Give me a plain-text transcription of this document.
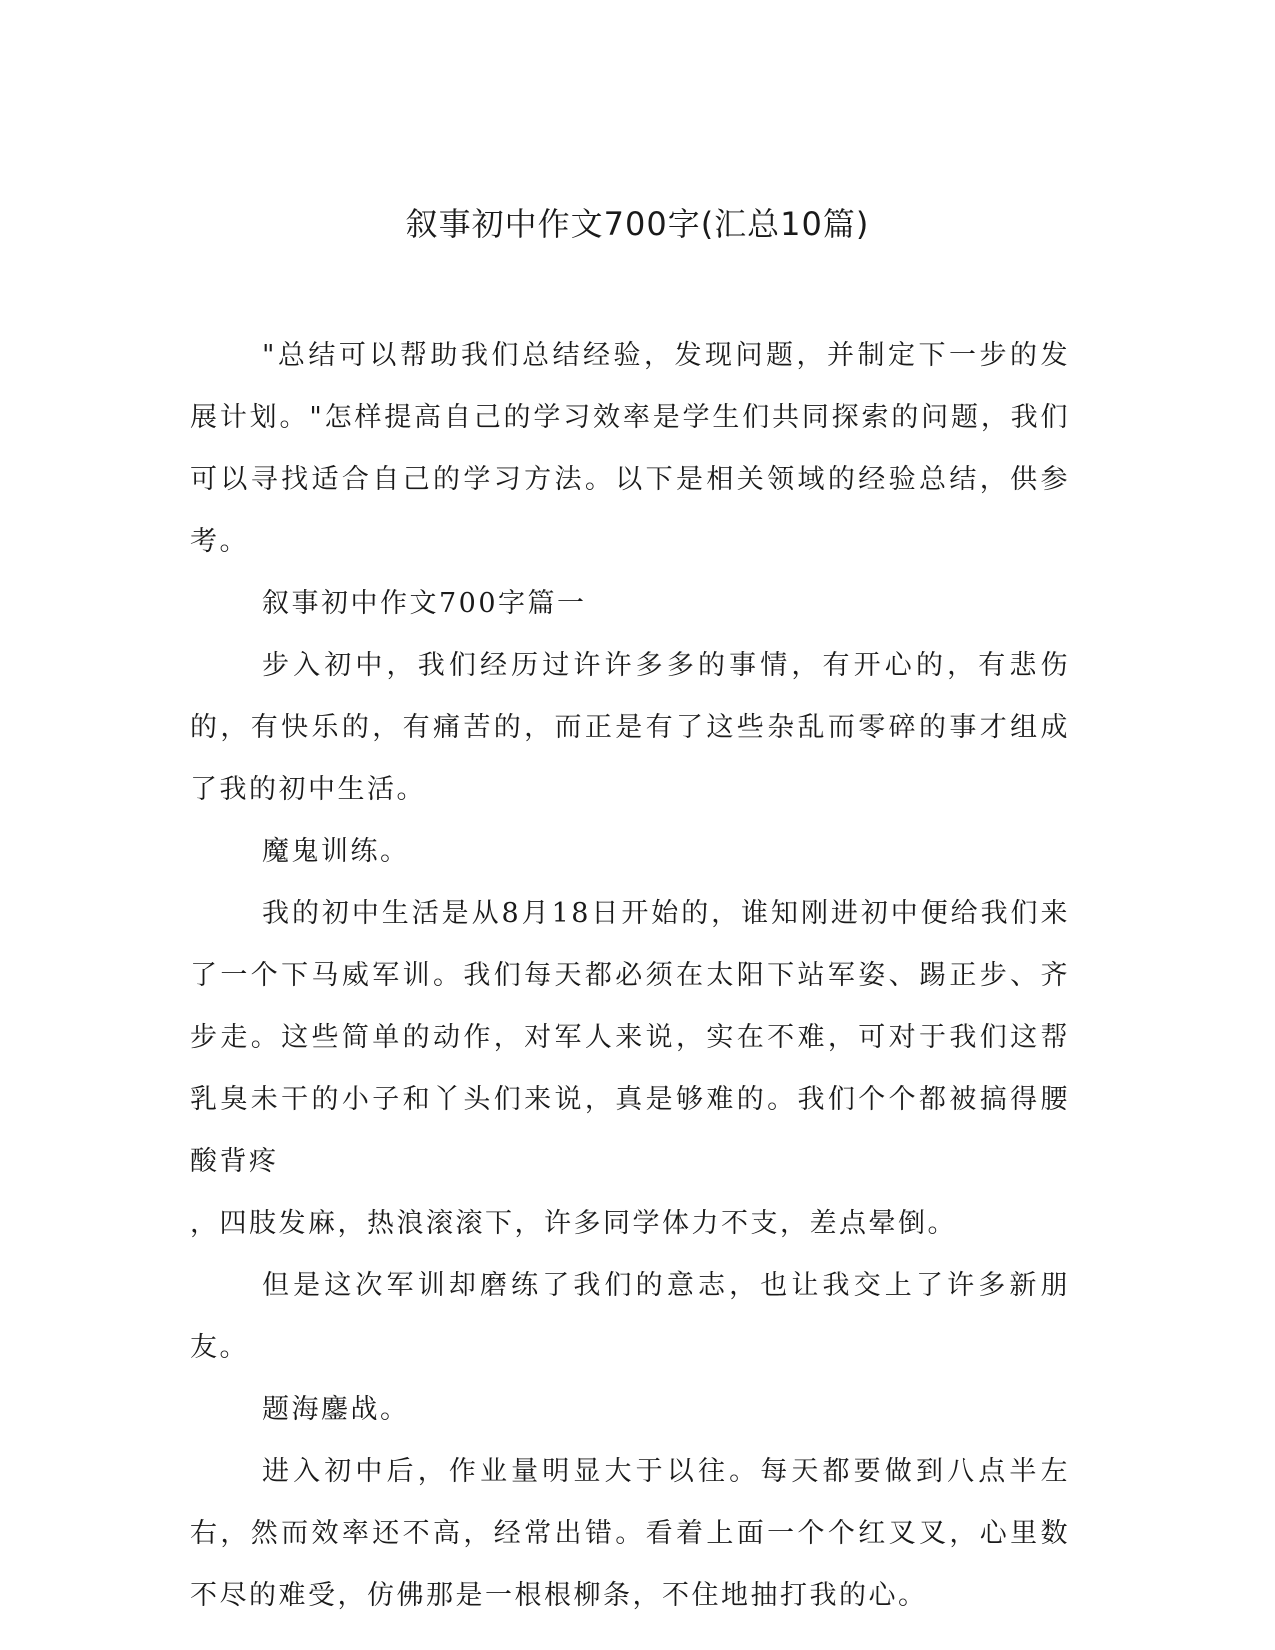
叙事初中作文700字(汇总10篇)

"总结可以帮助我们总结经验，发现问题，并制定下一步的发展计划。"怎样提高自己的学习效率是学生们共同探索的问题，我们可以寻找适合自己的学习方法。以下是相关领域的经验总结，供参考。

叙事初中作文700字篇一

步入初中，我们经历过许许多多的事情，有开心的，有悲伤的，有快乐的，有痛苦的，而正是有了这些杂乱而零碎的事才组成了我的初中生活。

魔鬼训练。

我的初中生活是从8月18日开始的，谁知刚进初中便给我们来了一个下马威军训。我们每天都必须在太阳下站军姿、踢正步、齐步走。这些简单的动作，对军人来说，实在不难，可对于我们这帮乳臭未干的小子和丫头们来说，真是够难的。我们个个都被搞得腰酸背疼

，四肢发麻，热浪滚滚下，许多同学体力不支，差点晕倒。

但是这次军训却磨练了我们的意志，也让我交上了许多新朋友。

题海鏖战。

进入初中后，作业量明显大于以往。每天都要做到八点半左右，然而效率还不高，经常出错。看着上面一个个红叉叉，心里数不尽的难受，仿佛那是一根根柳条，不住地抽打我的心。
